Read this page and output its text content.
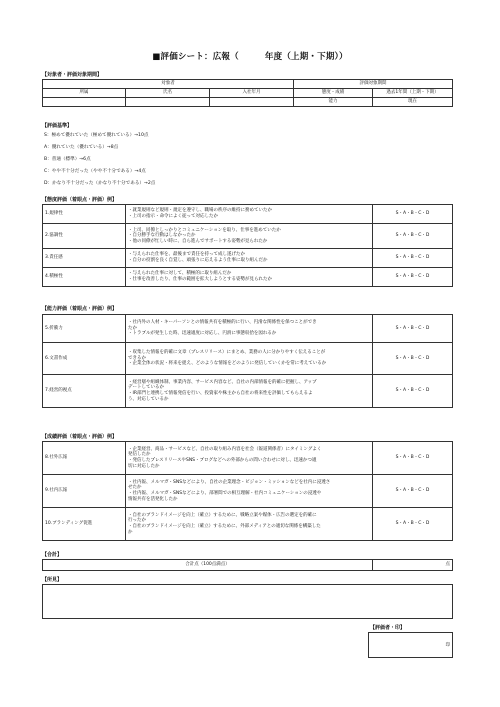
■評価シート：広報（　　　年度（上期・下期））
【対象者・評価対象期間】
対象者			評価対象期間	
所属	氏名	入社年月	態度・成績	過去1年間（上期・下期）
			能力	現在
【評価基準】
S：極めて優れていた（極めて優れている）→10点
A：優れていた（優れている）→8点
B：普通（標準）→6点
C：やや不十分だった（やや不十分である）→4点
D：かなり不十分だった（かなり不十分である）→2点
【態度評価（着眼点・評価）例】
1.規律性	・就業規則など規則・規定を遵守し、職場の秩序の維持に務めていたか
・上司の指示・命令によく従って対応したか	S・A・B・C・D
2.協調性	・上司、同僚としっかりとコミュニケーションを取り、仕事を進めていたか
・自分勝手な行動はしなかったか
・他の同僚が忙しい時に、自ら進んでサポートする姿勢が見られたか	S・A・B・C・D
3.責任感	・与えられた仕事を、最後まで責任を持って成し遂げたか
・自分の役割を良く自覚し、頑張りに応えるよう仕事に取り組んだか	S・A・B・C・D
4.積極性	・与えられた仕事に対して、積極的に取り組んだか
・仕事を改善したり、仕事の範囲を拡大しようとする姿勢が見られたか	S・A・B・C・D
【能力評価（着眼点・評価）例】
5.折衝力	・社内外の人材・キーパーソンとの情報共有を積極的に行い、円滑な関係性を保つことができ
たか
・トラブルが発生した時、迅速適度に対応し、円滑に事態収拾を図れるか	S・A・B・C・D
6.文書作成	・収集した情報を的確に文章（プレスリリース）にまとめ、業務の人に分かりやすく伝えることが
できるか
・企業全体の状況・将来を捉え、どのような情報をどのように発信していくかを常に考えているか	S・A・B・C・D
7.経営的視点	・経営層や組織体制、事業内容、サービス内容など、自社の内部情報を的確に把握し、アップ
デートしているか
・IR部門と連携して情報発信を行い、投資家や株主から自社の将来性を評価してもらえるよ
う、対応しているか	S・A・B・C・D
【成績評価（着眼点・評価）例】
8.社外広報	・企業経営、商品・サービスなど、自社の取り組み内容を社会（報道関係者）にタイミングよく
発信したか
・発信したプレスリリースやSNS・ブログなどへの外部からの問い合わせに対し、迅速かつ適
切に対応したか	S・A・B・C・D
9.社内広報	・社内報、メルマガ・SNSなどにより、自社の企業理念・ビジョン・ミッションなどを社内に浸透さ
せたか
・社内報、メルマガ・SNSなどにより、部署間での相互理解・社内コミュニケーションの浸透や
情報共有を活発化したか	S・A・B・C・D
10.ブランディング促進	・自社のブランドイメージを向上（確立）するために、戦略立案や媒体・広告の選定を的確に
行ったか
・自社のブランドイメージを向上（確立）するために、外部メディアとの適切な関係を構築した
か	S・A・B・C・D
【合計】
合計点（100点満点）	点
【所見】
【評価者・印】
印
